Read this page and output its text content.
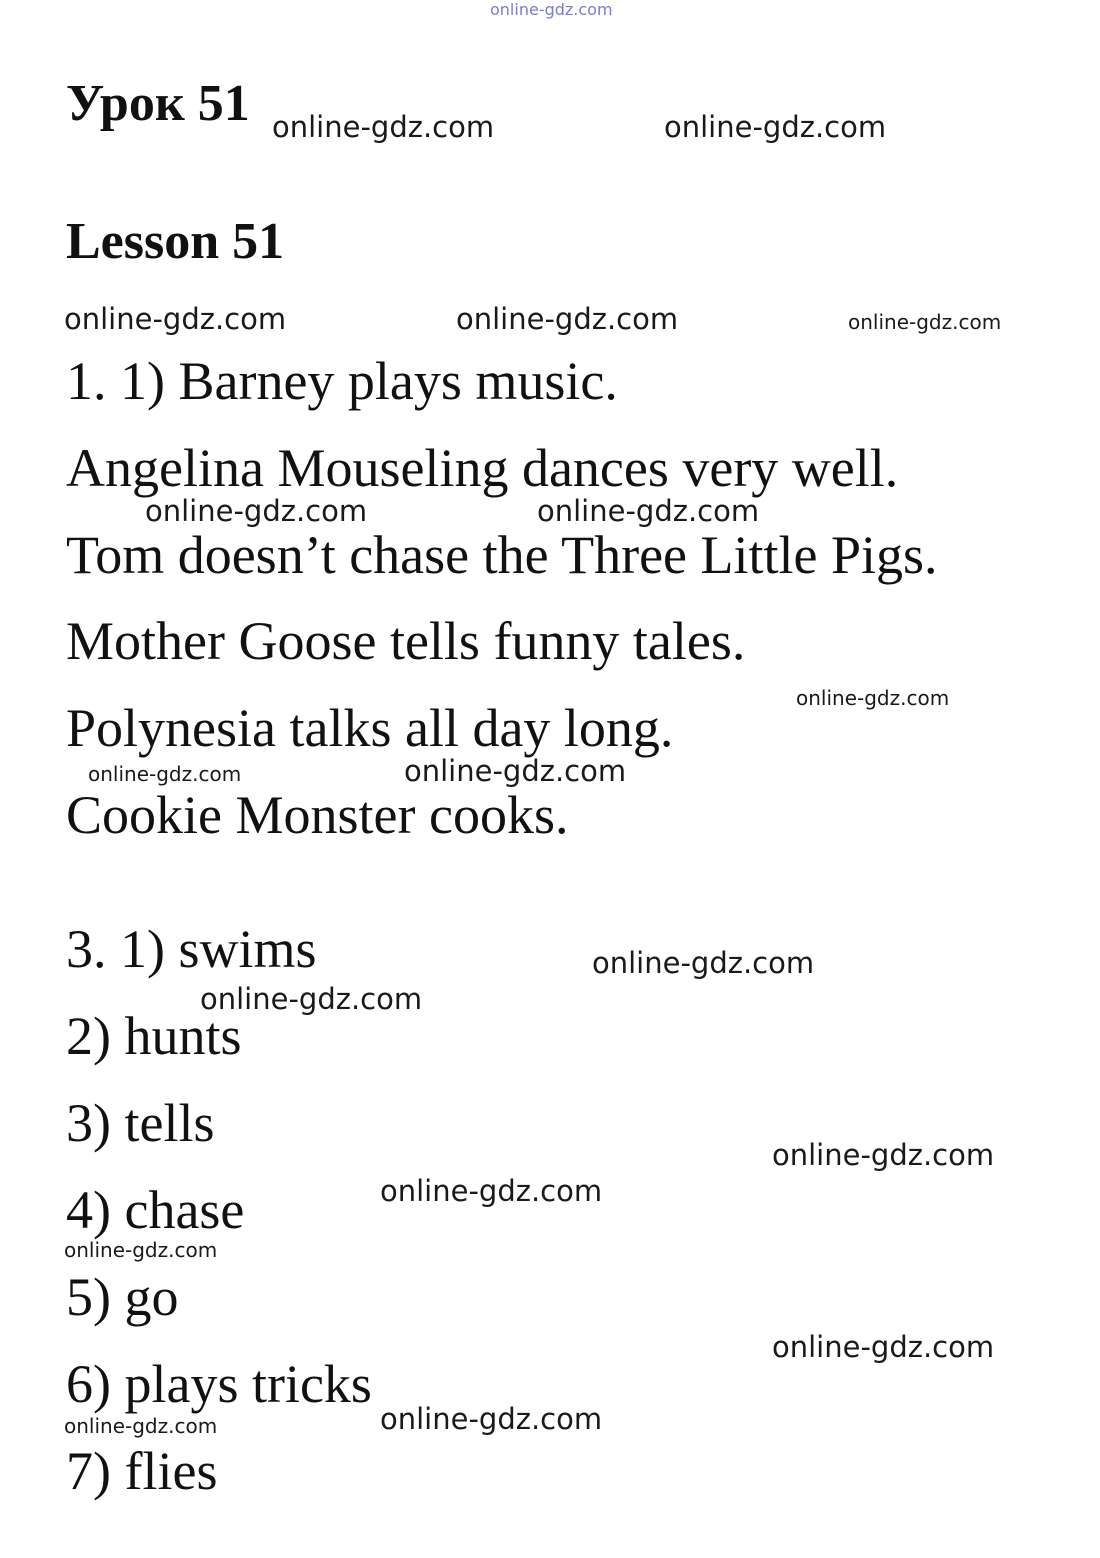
Урок 51
Lesson 51
1. 1) Barney plays music.
Angelina Mouseling dances very well.
Tom doesn’t chase the Three Little Pigs.
Mother Goose tells funny tales.
Polynesia talks all day long.
Cookie Monster cooks.
3. 1) swims
2) hunts
3) tells
4) chase
5) go
6) plays tricks
7) flies
online-gdz.com
online-gdz.com	online-gdz.com
online-gdz.com	online-gdz.com	online-gdz.com
online-gdz.com	online-gdz.com
online-gdz.com
online-gdz.com	online-gdz.com
online-gdz.com
online-gdz.com
online-gdz.com
online-gdz.com
online-gdz.com
online-gdz.com
online-gdz.com
online-gdz.com
